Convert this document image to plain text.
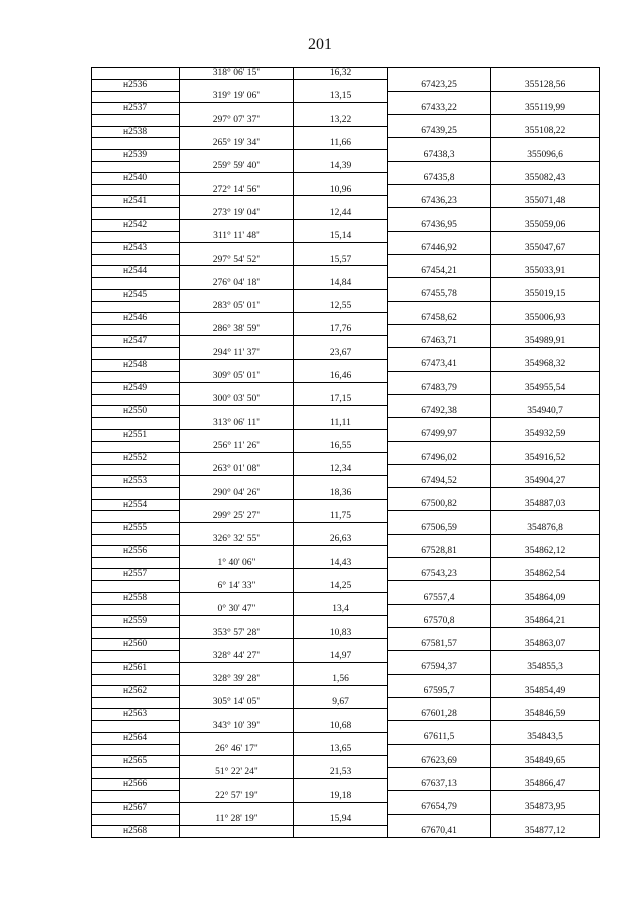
201
	318° 06' 15"	16,32		
н2536			67423,25	355128,56
	319° 19' 06"	13,15		
н2537			67433,22	355119,99
	297° 07' 37"	13,22		
н2538			67439,25	355108,22
	265° 19' 34"	11,66		
н2539			67438,3	355096,6
	259° 59' 40"	14,39		
н2540			67435,8	355082,43
	272° 14' 56"	10,96		
н2541			67436,23	355071,48
	273° 19' 04"	12,44		
н2542			67436,95	355059,06
	311° 11' 48"	15,14		
н2543			67446,92	355047,67
	297° 54' 52"	15,57		
н2544			67454,21	355033,91
	276° 04' 18"	14,84		
н2545			67455,78	355019,15
	283° 05' 01"	12,55		
н2546			67458,62	355006,93
	286° 38' 59"	17,76		
н2547			67463,71	354989,91
	294° 11' 37"	23,67		
н2548			67473,41	354968,32
	309° 05' 01"	16,46		
н2549			67483,79	354955,54
	300° 03' 50"	17,15		
н2550			67492,38	354940,7
	313° 06' 11"	11,11		
н2551			67499,97	354932,59
	256° 11' 26"	16,55		
н2552			67496,02	354916,52
	263° 01' 08"	12,34		
н2553			67494,52	354904,27
	290° 04' 26"	18,36		
н2554			67500,82	354887,03
	299° 25' 27"	11,75		
н2555			67506,59	354876,8
	326° 32' 55"	26,63		
н2556			67528,81	354862,12
	1° 40' 06"	14,43		
н2557			67543,23	354862,54
	6° 14' 33"	14,25		
н2558			67557,4	354864,09
	0° 30' 47"	13,4		
н2559			67570,8	354864,21
	353° 57' 28"	10,83		
н2560			67581,57	354863,07
	328° 44' 27"	14,97		
н2561			67594,37	354855,3
	328° 39' 28"	1,56		
н2562			67595,7	354854,49
	305° 14' 05"	9,67		
н2563			67601,28	354846,59
	343° 10' 39"	10,68		
н2564			67611,5	354843,5
	26° 46' 17"	13,65		
н2565			67623,69	354849,65
	51° 22' 24"	21,53		
н2566			67637,13	354866,47
	22° 57' 19"	19,18		
н2567			67654,79	354873,95
	11° 28' 19"	15,94		
н2568			67670,41	354877,12
